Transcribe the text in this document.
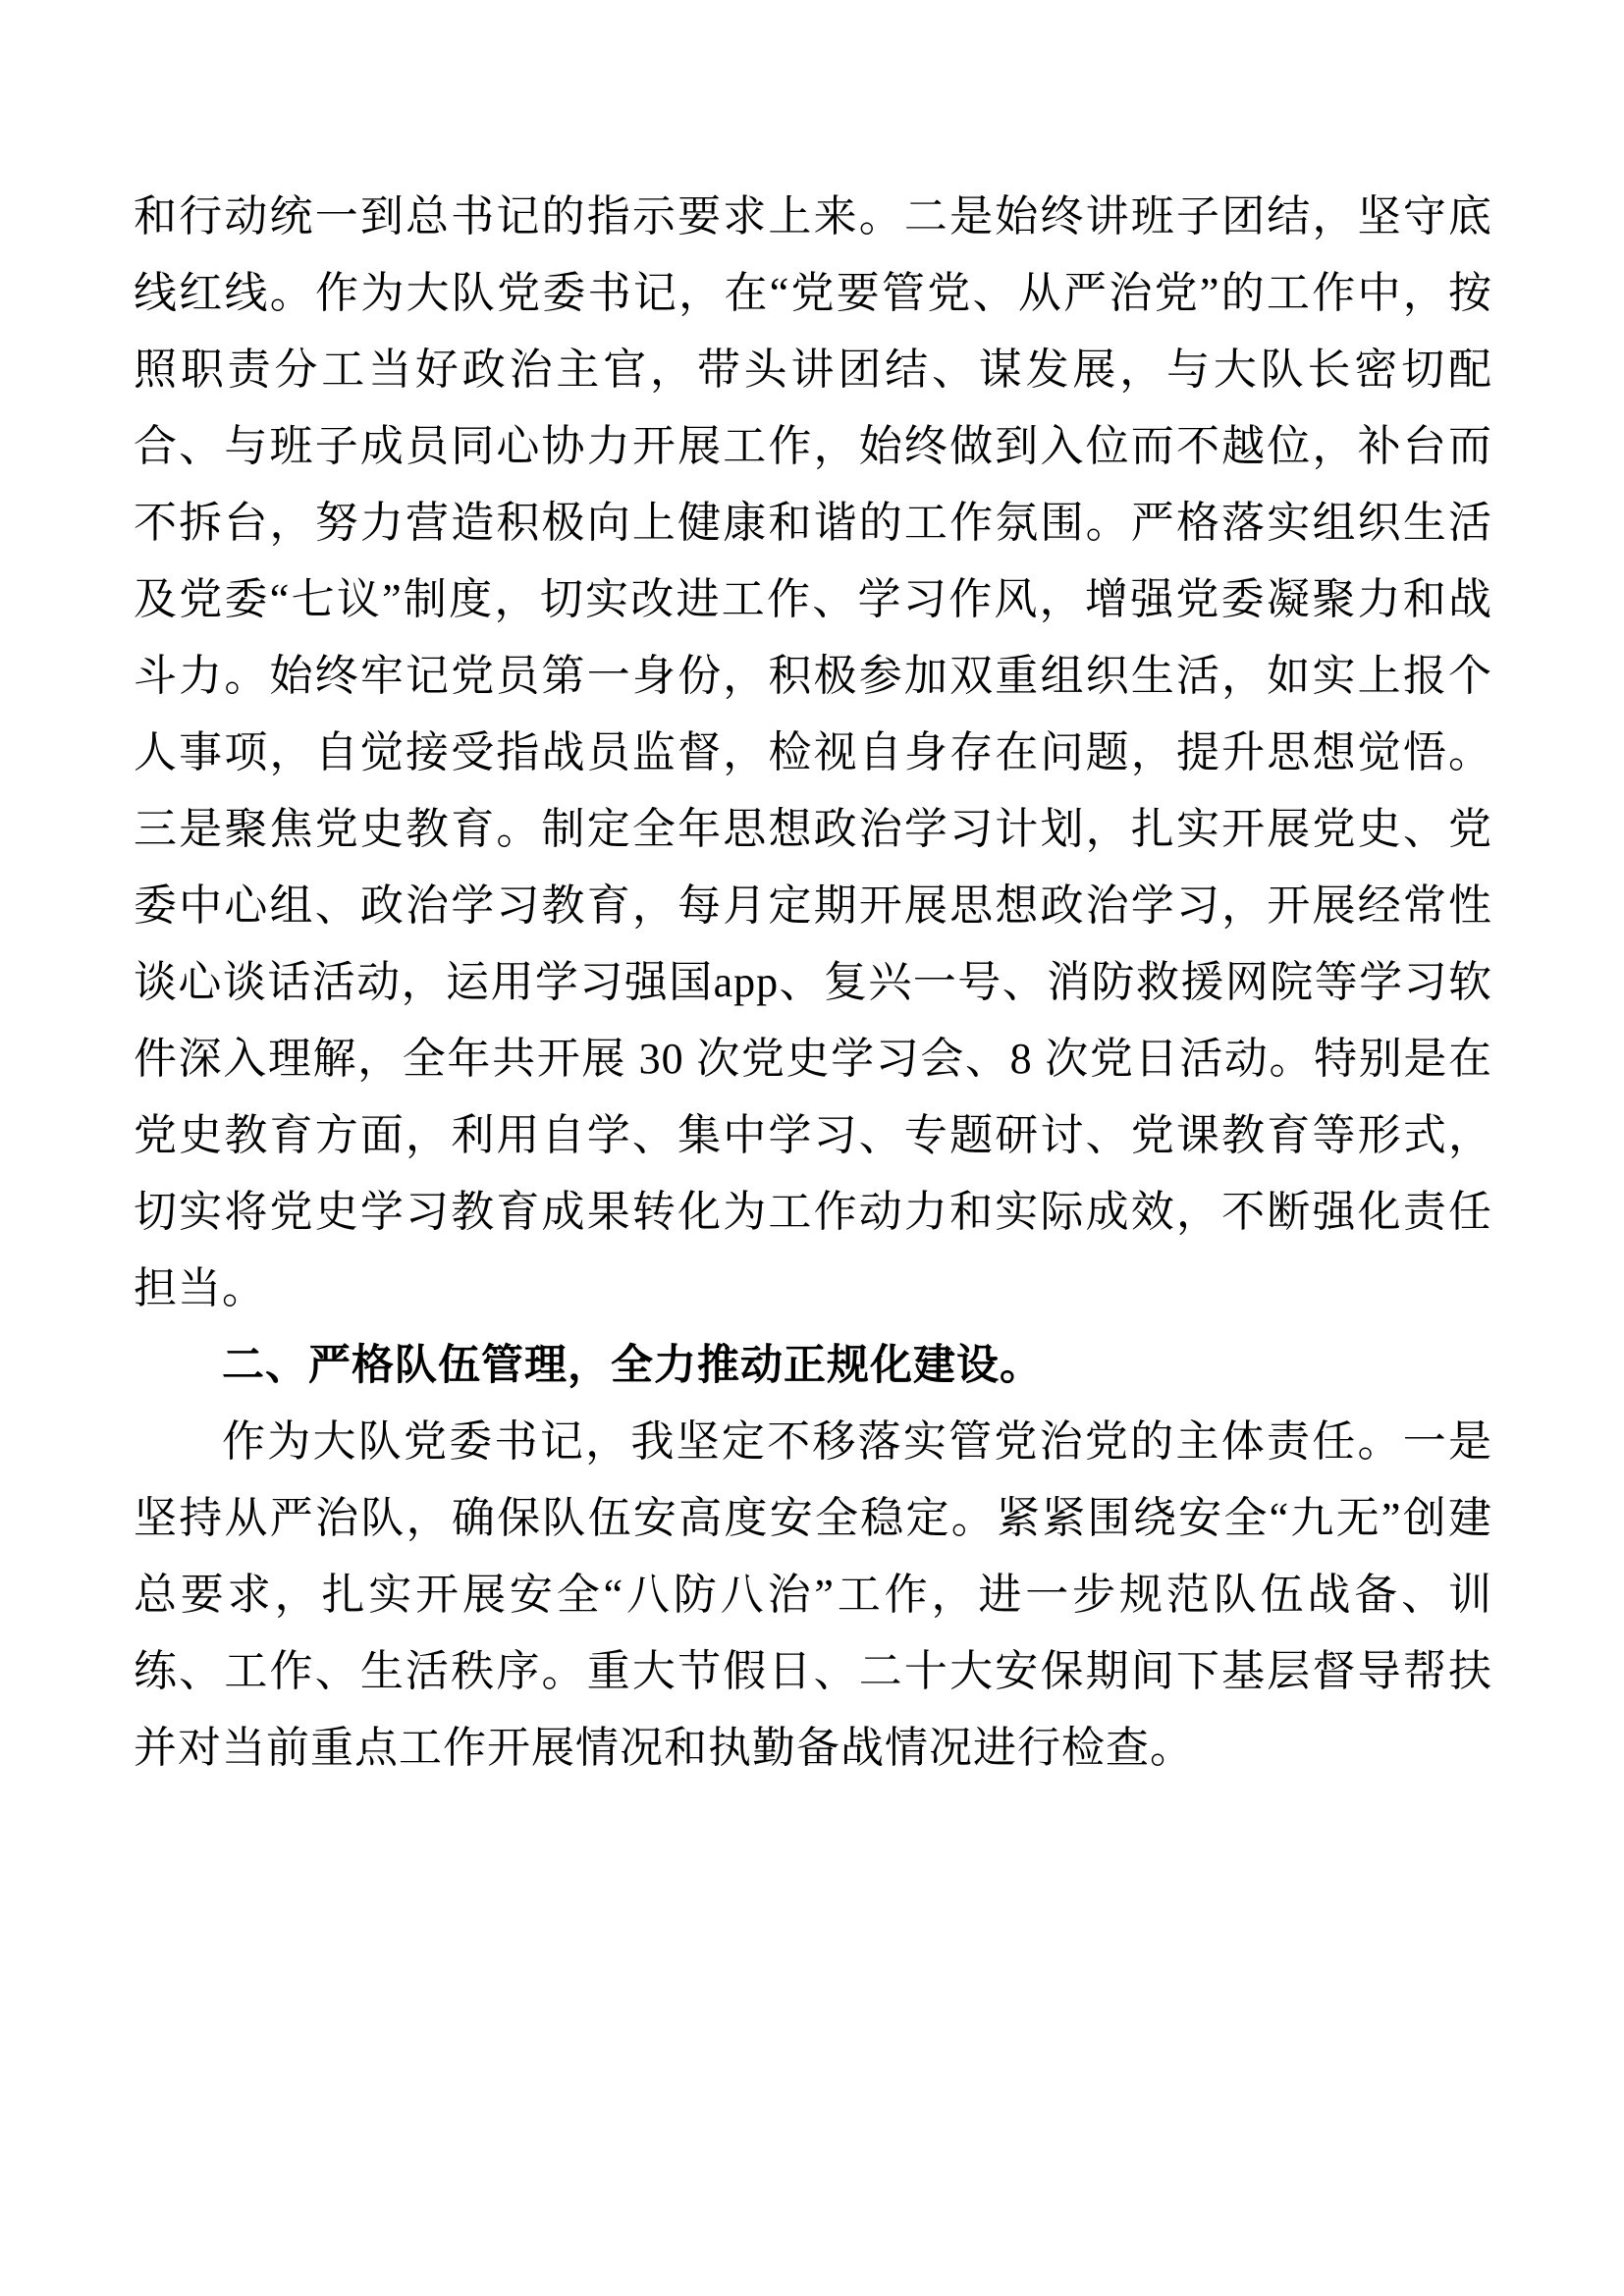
和行动统一到总书记的指示要求上来。二是始终讲班子团结，坚守底线红线。作为大队党委书记，在“党要管党、从严治党”的工作中，按照职责分工当好政治主官，带头讲团结、谋发展，与大队长密切配合、与班子成员同心协力开展工作，始终做到入位而不越位，补台而不拆台，努力营造积极向上健康和谐的工作氛围。严格落实组织生活及党委“七议”制度，切实改进工作、学习作风，增强党委凝聚力和战斗力。始终牢记党员第一身份，积极参加双重组织生活，如实上报个人事项，自觉接受指战员监督，检视自身存在问题，提升思想觉悟。三是聚焦党史教育。制定全年思想政治学习计划，扎实开展党史、党委中心组、政治学习教育，每月定期开展思想政治学习，开展经常性谈心谈话活动，运用学习强国app、复兴一号、消防救援网院等学习软件深入理解，全年共开展 30 次党史学习会、8 次党日活动。特别是在党史教育方面，利用自学、集中学习、专题研讨、党课教育等形式，切实将党史学习教育成果转化为工作动力和实际成效，不断强化责任担当。

二、严格队伍管理，全力推动正规化建设。

作为大队党委书记，我坚定不移落实管党治党的主体责任。一是坚持从严治队，确保队伍安高度安全稳定。紧紧围绕安全“九无”创建总要求，扎实开展安全“八防八治”工作，进一步规范队伍战备、训练、工作、生活秩序。重大节假日、二十大安保期间下基层督导帮扶并对当前重点工作开展情况和执勤备战情况进行检查。
